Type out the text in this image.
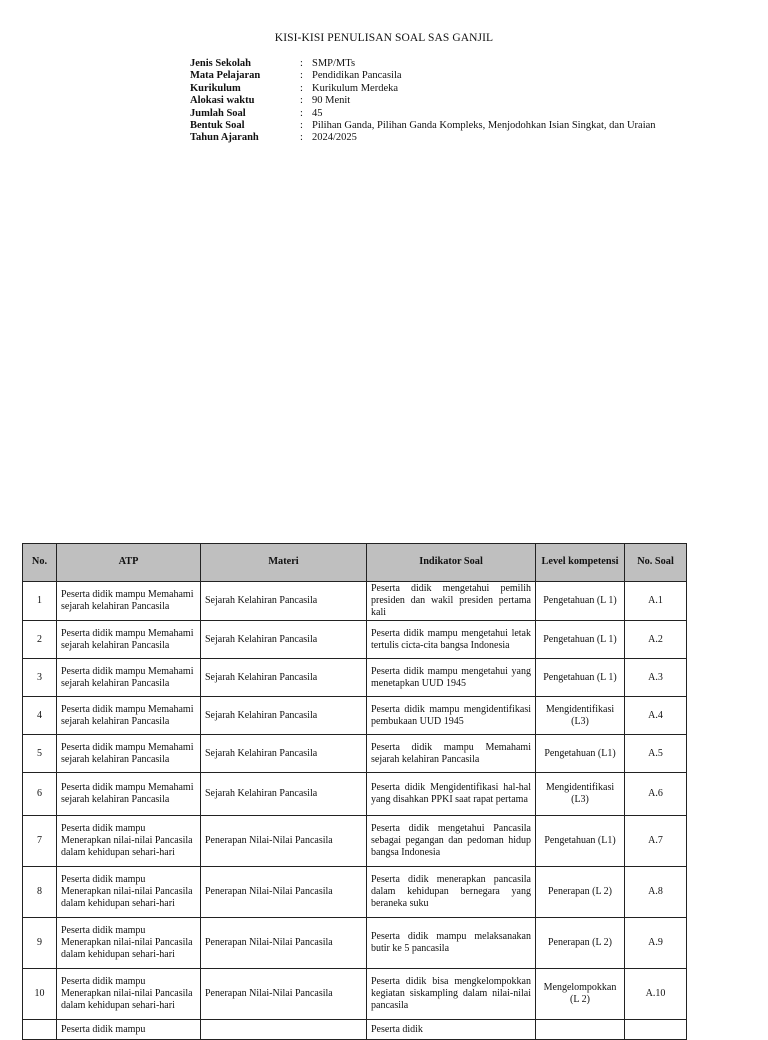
KISI-KISI PENULISAN SOAL SAS GANJIL
Jenis Sekolah	: SMP/MTs
Mata Pelajaran	: Pendidikan Pancasila
Kurikulum	: Kurikulum Merdeka
Alokasi waktu	: 90 Menit
Jumlah Soal	: 45
Bentuk Soal	: Pilihan Ganda, Pilihan Ganda Kompleks, Menjodohkan Isian Singkat, dan Uraian
Tahun Ajaranh	: 2024/2025
No.	ATP	Materi	Indikator Soal	Level kompetensi	No. Soal
1	Peserta didik mampu Memahami sejarah kelahiran Pancasila	Sejarah Kelahiran Pancasila	Peserta didik mengetahui pemilih presiden dan wakil presiden pertama kali	Pengetahuan (L 1)	A.1
2	Peserta didik mampu Memahami sejarah kelahiran Pancasila	Sejarah Kelahiran Pancasila	Peserta didik mampu mengetahui letak tertulis cicta-cita bangsa Indonesia	Pengetahuan (L 1)	A.2
3	Peserta didik mampu Memahami sejarah kelahiran Pancasila	Sejarah Kelahiran Pancasila	Peserta didik mampu mengetahui yang menetapkan UUD 1945	Pengetahuan (L 1)	A.3
4	Peserta didik mampu Memahami sejarah kelahiran Pancasila	Sejarah Kelahiran Pancasila	Peserta didik mampu mengidentifikasi pembukaan UUD 1945	Mengidentifikasi (L3)	A.4
5	Peserta didik mampu Memahami sejarah kelahiran Pancasila	Sejarah Kelahiran Pancasila	Peserta didik mampu Memahami sejarah kelahiran Pancasila	Pengetahuan (L1)	A.5
6	Peserta didik mampu Memahami sejarah kelahiran Pancasila	Sejarah Kelahiran Pancasila	Peserta didik Mengidentifikasi hal-hal yang disahkan PPKI saat rapat pertama	Mengidentifikasi (L3)	A.6
7	Peserta didik mampu Menerapkan nilai-nilai Pancasila dalam kehidupan sehari-hari	Penerapan Nilai-Nilai Pancasila	Peserta didik mengetahui Pancasila sebagai pegangan dan pedoman hidup bangsa Indonesia	Pengetahuan (L1)	A.7
8	Peserta didik mampu Menerapkan nilai-nilai Pancasila dalam kehidupan sehari-hari	Penerapan Nilai-Nilai Pancasila	Peserta didik menerapkan pancasila dalam kehidupan bernegara yang beraneka suku	Penerapan (L 2)	A.8
9	Peserta didik mampu Menerapkan nilai-nilai Pancasila dalam kehidupan sehari-hari	Penerapan Nilai-Nilai Pancasila	Peserta didik mampu melaksanakan butir ke 5 pancasila	Penerapan (L 2)	A.9
10	Peserta didik mampu Menerapkan nilai-nilai Pancasila dalam kehidupan sehari-hari	Penerapan Nilai-Nilai Pancasila	Peserta didik bisa mengkelompokkan kegiatan siskampling dalam nilai-nilai pancasila	Mengelompokkan (L 2)	A.10
	Peserta didik mampu		Peserta didik		
